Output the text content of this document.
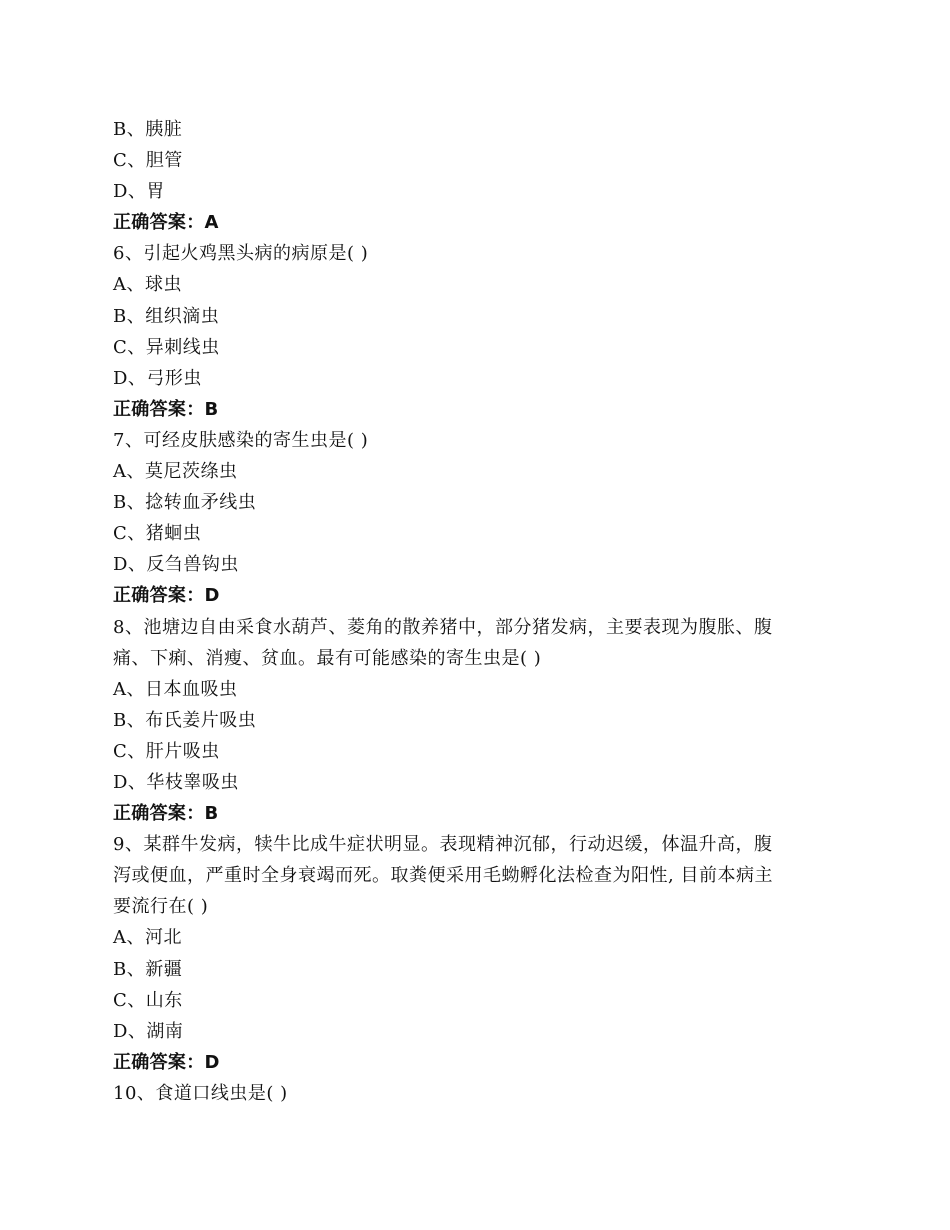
B、胰脏
C、胆管
D、胃
正确答案：A
6、引起火鸡黑头病的病原是( )
A、球虫
B、组织滴虫
C、异刺线虫
D、弓形虫
正确答案：B
7、可经皮肤感染的寄生虫是( )
A、莫尼茨绦虫
B、捻转血矛线虫
C、猪蛔虫
D、反刍兽钩虫
正确答案：D
8、池塘边自由采食水葫芦、菱角的散养猪中，部分猪发病，主要表现为腹胀、腹
痛、下痢、消瘦、贫血。最有可能感染的寄生虫是( )
A、日本血吸虫
B、布氏姜片吸虫
C、肝片吸虫
D、华枝睾吸虫
正确答案：B
9、某群牛发病，犊牛比成牛症状明显。表现精神沉郁，行动迟缓，体温升高，腹
泻或便血，严重时全身衰竭而死。取粪便采用毛蚴孵化法检查为阳性, 目前本病主
要流行在( )
A、河北
B、新疆
C、山东
D、湖南
正确答案：D
10、食道口线虫是( )
